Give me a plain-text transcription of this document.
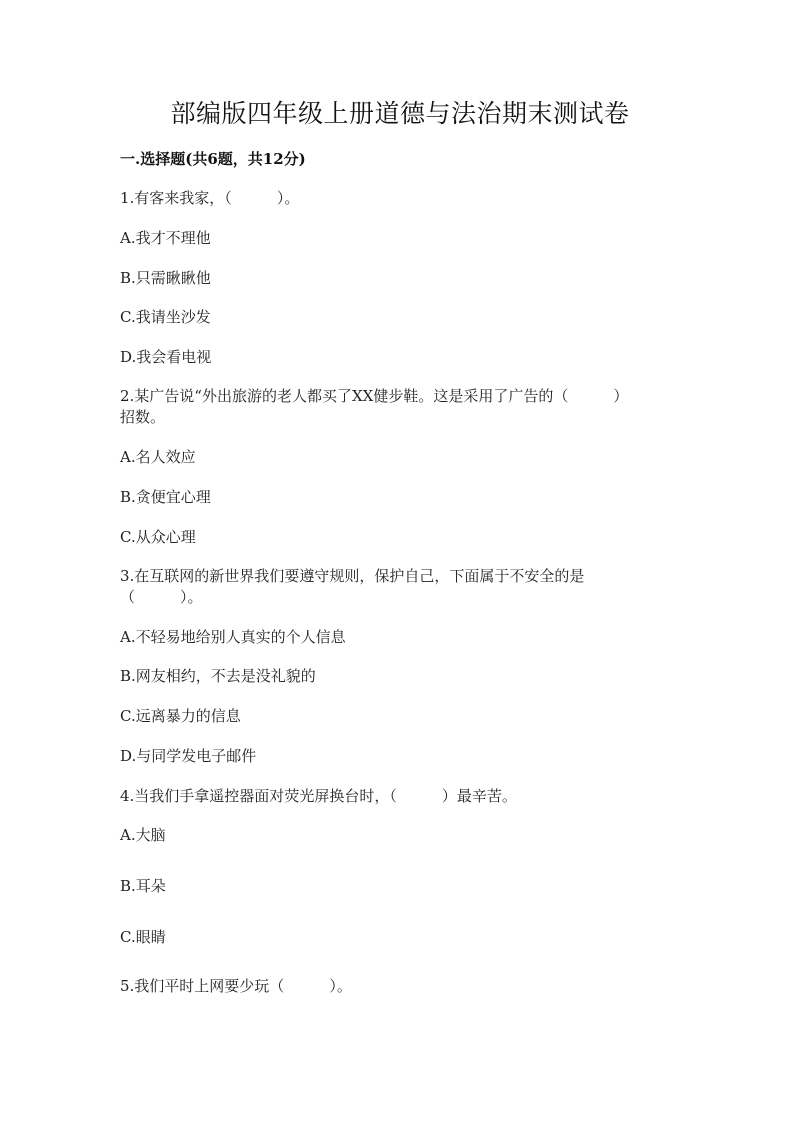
部编版四年级上册道德与法治期末测试卷
一.选择题(共6题，共12分)
1.有客来我家，（　　　）。
A.我才不理他
B.只需瞅瞅他
C.我请坐沙发
D.我会看电视
2.某广告说“外出旅游的老人都买了XX健步鞋。这是采用了广告的（　　　）
招数。
A.名人效应
B.贪便宜心理
C.从众心理
3.在互联网的新世界我们要遵守规则，保护自己，下面属于不安全的是
（　　　）。
A.不轻易地给别人真实的个人信息
B.网友相约，不去是没礼貌的
C.远离暴力的信息
D.与同学发电子邮件
4.当我们手拿遥控器面对荧光屏换台时，（　　　）最辛苦。
A.大脑
B.耳朵
C.眼睛
5.我们平时上网要少玩（　　　）。
